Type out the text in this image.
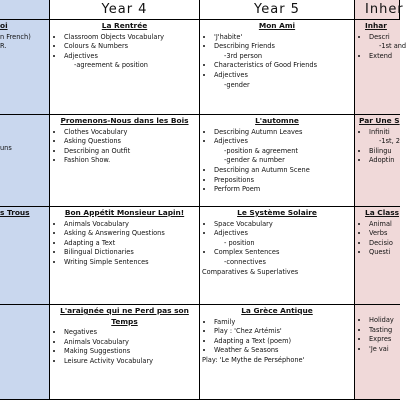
Year 4	Year 5	Inher
oi
n French)
R.

uns
s Trous
La Rentrée
• Classroom Objects Vocabulary
• Colours & Numbers
• Adjectives
-agreement & position
Promenons-Nous dans les Bois
• Clothes Vocabulary
• Asking Questions
• Describing an Outfit
• Fashion Show.
Bon Appétit Monsieur Lapin!
• Animals Vocabulary
• Asking & Answering Questions
• Adapting a Text
• Bilingual Dictionaries
• Writing Simple Sentences
L'araignée qui ne Perd pas son
Temps
• Negatives
• Animals Vocabulary
• Making Suggestions
• Leisure Activity Vocabulary
Mon Ami
• 'J'habite'
• Describing Friends
-3rd person
• Characteristics of Good Friends
• Adjectives
-gender
L'automne
• Describing Autumn Leaves
• Adjectives
-position & agreement
-gender & number
• Describing an Autumn Scene
• Prepositions
• Perform Poem
Le Système Solaire
• Space Vocabulary
• Adjectives
- position
• Complex Sentences
-connectives
Comparatives & Superlatives
La Grèce Antique
• Family
• Play : 'Chez Artémis'
• Adapting a Text (poem)
• Weather & Seasons
Play: 'Le Mythe de Perséphone'
Inhar
• Descri
-1st and
• Extend
Par Une S
• Infiniti
-1st, 2
• Bilingu
• Adoptin
La Class
• Animal
• Verbs
• Decisio
• Questi
• Holiday
• Tasting
• Expres
• 'Je vai
